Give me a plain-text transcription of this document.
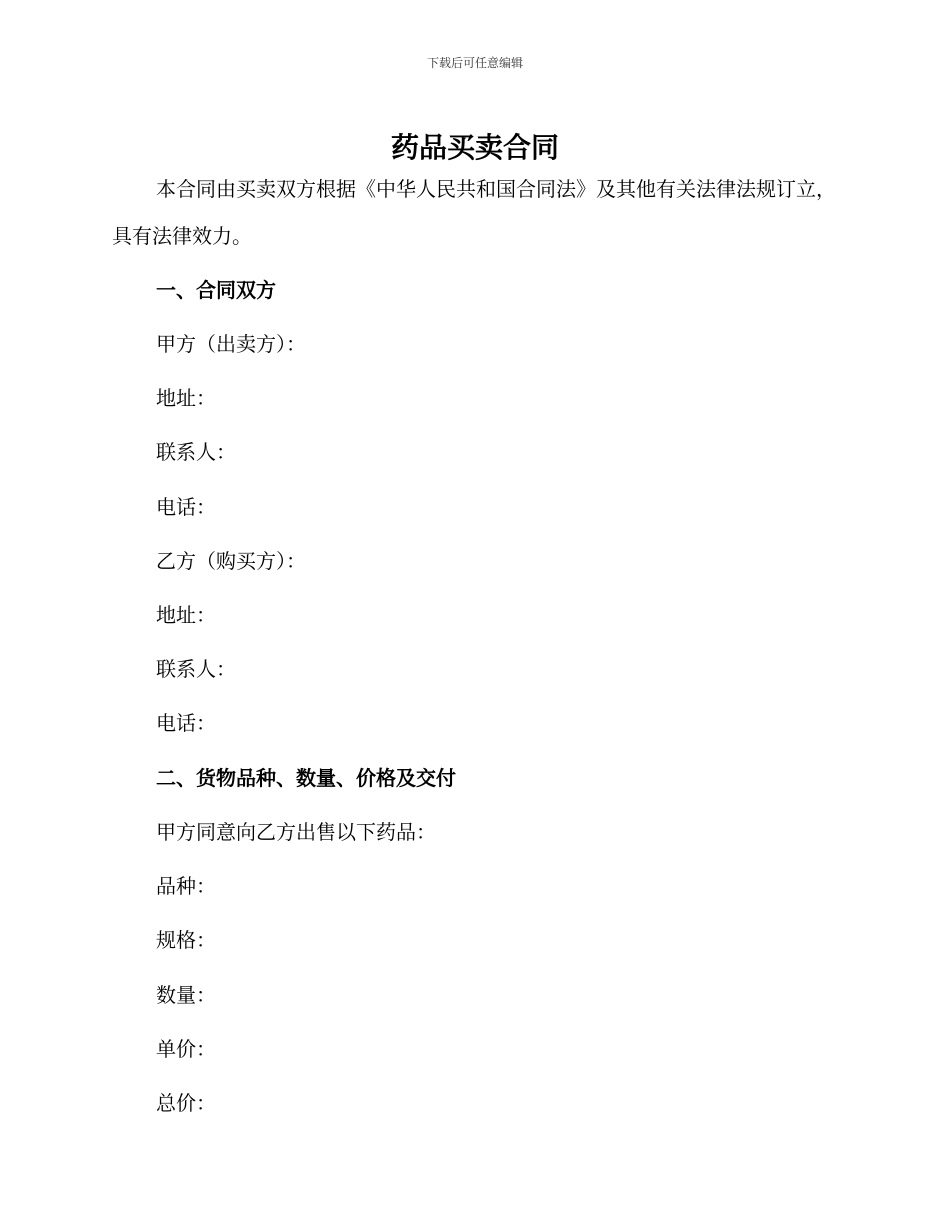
下载后可任意编辑
药品买卖合同

本合同由买卖双方根据《中华人民共和国合同法》及其他有关法律法规订立，具有法律效力。

一、合同双方

甲方（出卖方）：

地址：

联系人：

电话：

乙方（购买方）：

地址：

联系人：

电话：

二、货物品种、数量、价格及交付

甲方同意向乙方出售以下药品：

品种：

规格：

数量：

单价：

总价：
